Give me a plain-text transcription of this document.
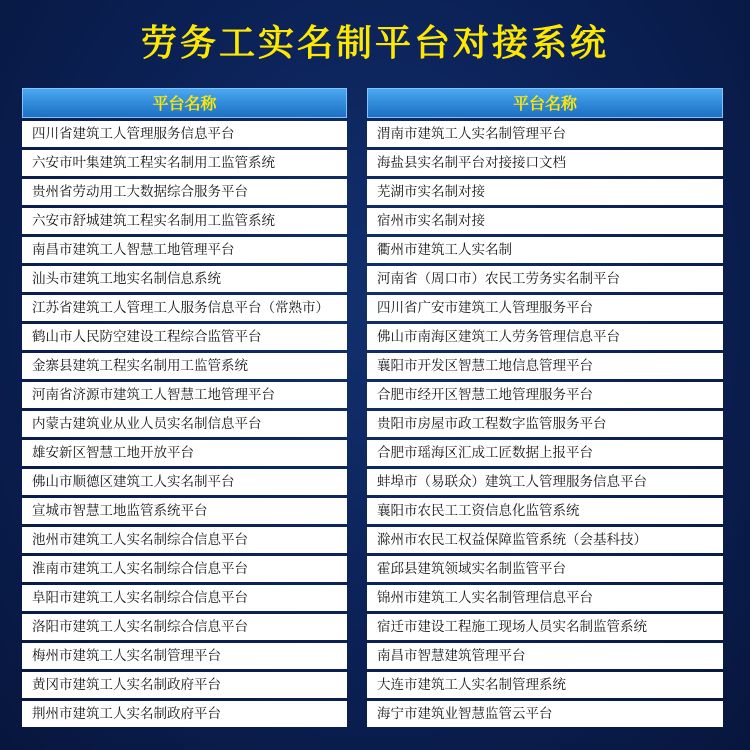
劳务工实名制平台对接系统
平台名称
四川省建筑工人管理服务信息平台
六安市叶集建筑工程实名制用工监管系统
贵州省劳动用工大数据综合服务平台
六安市舒城建筑工程实名制用工监管系统
南昌市建筑工人智慧工地管理平台
汕头市建筑工地实名制信息系统
江苏省建筑工人管理工人服务信息平台（常熟市）
鹤山市人民防空建设工程综合监管平台
金寨县建筑工程实名制用工监管系统
河南省济源市建筑工人智慧工地管理平台
内蒙古建筑业从业人员实名制信息平台
雄安新区智慧工地开放平台
佛山市顺德区建筑工人实名制平台
宣城市智慧工地监管系统平台
池州市建筑工人实名制综合信息平台
淮南市建筑工人实名制综合信息平台
阜阳市建筑工人实名制综合信息平台
洛阳市建筑工人实名制综合信息平台
梅州市建筑工人实名制管理平台
黄冈市建筑工人实名制政府平台
荆州市建筑工人实名制政府平台
平台名称
渭南市建筑工人实名制管理平台
海盐县实名制平台对接接口文档
芜湖市实名制对接
宿州市实名制对接
衢州市建筑工人实名制
河南省（周口市）农民工劳务实名制平台
四川省广安市建筑工人管理服务平台
佛山市南海区建筑工人劳务管理信息平台
襄阳市开发区智慧工地信息管理平台
合肥市经开区智慧工地管理服务平台
贵阳市房屋市政工程数字监管服务平台
合肥市瑶海区汇成工匠数据上报平台
蚌埠市（易联众）建筑工人管理服务信息平台
襄阳市农民工工资信息化监管系统
滁州市农民工权益保障监管系统（会基科技）
霍邱县建筑领域实名制监管平台
锦州市建筑工人实名制管理信息平台
宿迁市建设工程施工现场人员实名制监管系统
南昌市智慧建筑管理平台
大连市建筑工人实名制管理系统
海宁市建筑业智慧监管云平台
